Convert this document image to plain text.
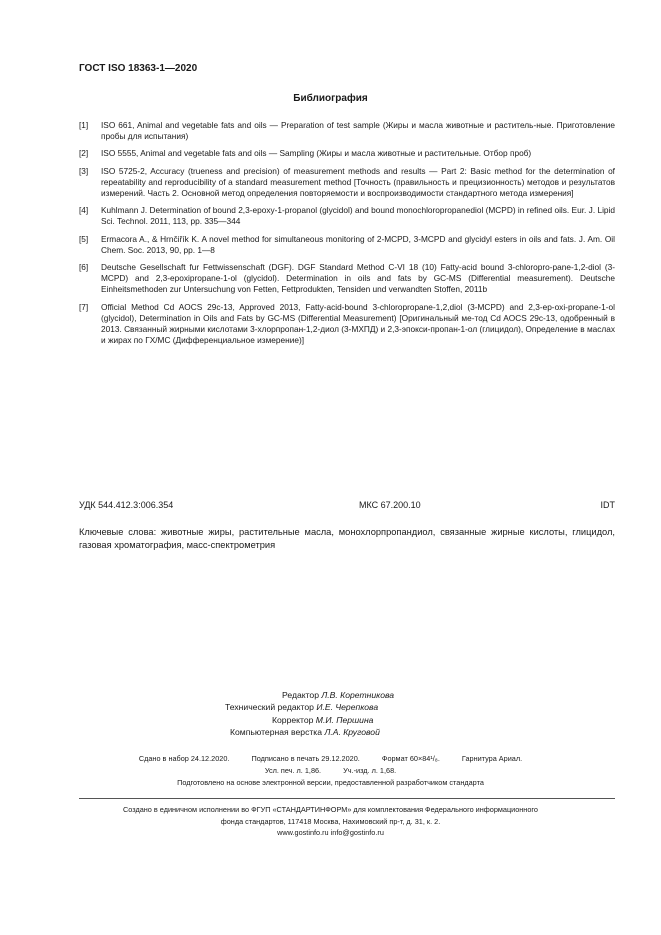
ГОСТ ISO 18363-1—2020
Библиография
[1]	ISO 661, Animal and vegetable fats and oils — Preparation of test sample (Жиры и масла животные и раститель-ные. Приготовление пробы для испытания)
[2]	ISO 5555, Animal and vegetable fats and oils — Sampling (Жиры и масла животные и растительные. Отбор проб)
[3]	ISO 5725-2, Accuracy (trueness and precision) of measurement methods and results — Part 2: Basic method for the determination of repeatability and reproducibility of a standard measurement method [Точность (правильность и прецизионность) методов и результатов измерений. Часть 2. Основной метод определения повторяемости и воспроизводимости стандартного метода измерения]
[4]	Kuhlmann J. Determination of bound 2,3-epoxy-1-propanol (glycidol) and bound monochloropropanediol (MCPD) in refined oils. Eur. J. Lipid Sci. Technol. 2011, 113, pp. 335—344
[5]	Ermacora A., & Hrnčiřík K. A novel method for simultaneous monitoring of 2-MCPD, 3-MCPD and glycidyl esters in oils and fats. J. Am. Oil Chem. Soc. 2013, 90, pp. 1—8
[6]	Deutsche Gesellschaft fur Fettwissenschaft (DGF). DGF Standard Method C-VI 18 (10) Fatty-acid bound 3-chloropro-pane-1,2-diol (3-MCPD) and 2,3-epoxipropane-1-ol (glycidol). Determination in oils and fats by GC-MS (Differential measurement). Deutsche Einheitsmethoden zur Untersuchung von Fetten, Fettprodukten, Tensiden und verwandten Stoffen, 2011b
[7]	Official Method Cd AOCS 29c-13, Approved 2013, Fatty-acid-bound 3-chloropropane-1,2,diol (3-MCPD) and 2,3-ep-oxi-propane-1-ol (glycidol), Determination in Oils and Fats by GC-MS (Differential Measurement) [Оригинальный ме-тод Cd AOCS 29c-13, одобренный в 2013. Связанный жирными кислотами 3-хлорпропан-1,2-диол (3-МХПД) и 2,3-эпокси-пропан-1-ол (глицидол), Определение в маслах и жирах по ГХ/МС (Дифференциальное измерение)]
УДК 544.412.3:006.354	МКС 67.200.10	IDT
Ключевые слова: животные жиры, растительные масла, монохлорпропандиол, связанные жирные кислоты, глицидол, газовая хроматография, масс-спектрометрия
Редактор Л.В. Коретникова
Технический редактор И.Е. Черепкова
Корректор М.И. Першина
Компьютерная верстка Л.А. Круговой
Сдано в набор 24.12.2020.	Подписано в печать 29.12.2020.	Формат 60×84¹/₈.	Гарнитура Ариал.
Усл. печ. л. 1,86.	Уч.-изд. л. 1,68.
Подготовлено на основе электронной версии, предоставленной разработчиком стандарта
Создано в единичном исполнении во ФГУП «СТАНДАРТИНФОРМ» для комплектования Федерального информационного
фонда стандартов, 117418 Москва, Нахимовский пр-т, д. 31, к. 2.
www.gostinfo.ru info@gostinfo.ru
